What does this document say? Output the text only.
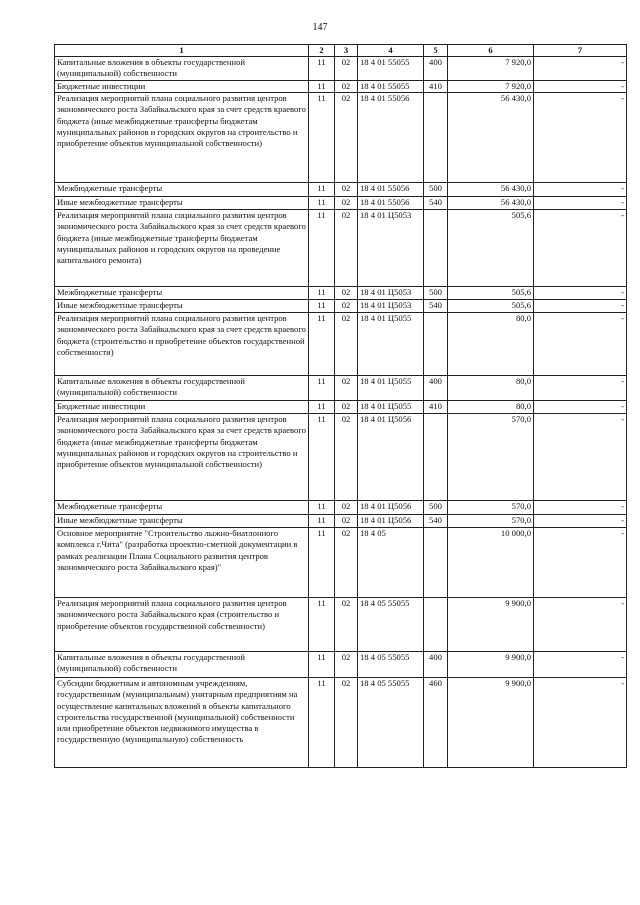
147
1	2	3	4	5	6	7
Капитальные вложения в объекты государственной (муниципальной) собственности	11	02	18 4 01 55055	400	7 920,0	-
Бюджетные инвестиции	11	02	18 4 01 55055	410	7 920,0	-
Реализация мероприятий плана социального развития центров экономического роста Забайкальского края за счет средств краевого бюджета (иные межбюджетные трансферты бюджетам муниципальных районов и городских округов на строительство и приобретение объектов муниципальной собственности)	11	02	18 4 01 55056		56 430,0	-
Межбюджетные трансферты	11	02	18 4 01 55056	500	56 430,0	-
Иные межбюджетные трансферты	11	02	18 4 01 55056	540	56 430,0	-
Реализация мероприятий плана социального развития центров экономического роста Забайкальского края за счет средств краевого бюджета (иные межбюджетные трансферты бюджетам муниципальных районов и городских округов на проведение капитального ремонта)	11	02	18 4 01 Ц5053		505,6	-
Межбюджетные трансферты	11	02	18 4 01 Ц5053	500	505,6	-
Иные межбюджетные трансферты	11	02	18 4 01 Ц5053	540	505,6	-
Реализация мероприятий плана социального развития центров экономического роста Забайкальского края за счет средств краевого бюджета (строительство и приобретение объектов государственной собственности)	11	02	18 4 01 Ц5055		80,0	-
Капитальные вложения в объекты государственной (муниципальной) собственности	11	02	18 4 01 Ц5055	400	80,0	-
Бюджетные инвестиции	11	02	18 4 01 Ц5055	410	80,0	-
Реализация мероприятий плана социального развития центров экономического роста Забайкальского края за счет средств краевого бюджета (иные межбюджетные трансферты бюджетам муниципальных районов и городских округов на строительство и приобретение объектов муниципальной собственности)	11	02	18 4 01 Ц5056		570,0	-
Межбюджетные трансферты	11	02	18 4 01 Ц5056	500	570,0	-
Иные межбюджетные трансферты	11	02	18 4 01 Ц5056	540	570,0	-
Основное мероприятие "Строительство лыжно-биатлонного комплекса г.Чита" (разработка проектно-сметной документации в рамках реализации Плана Социального развития центров экономического роста Забайкальского края)"	11	02	18 4 05		10 000,0	-
Реализация мероприятий плана социального развития центров экономического роста Забайкальского края (строительство и приобретение объектов государственной собственности)	11	02	18 4 05 55055		9 900,0	-
Капитальные вложения в объекты государственной (муниципальной) собственности	11	02	18 4 05 55055	400	9 900,0	-
Субсидии бюджетным и автономным учреждениям, государственным (муниципальным) унитарным предприятиям на осуществление капитальных вложений в объекты капитального строительства государственной (муниципальной) собственности или приобретение объектов недвижимого имущества в государственную (муниципальную) собственность	11	02	18 4 05 55055	460	9 900,0	-
